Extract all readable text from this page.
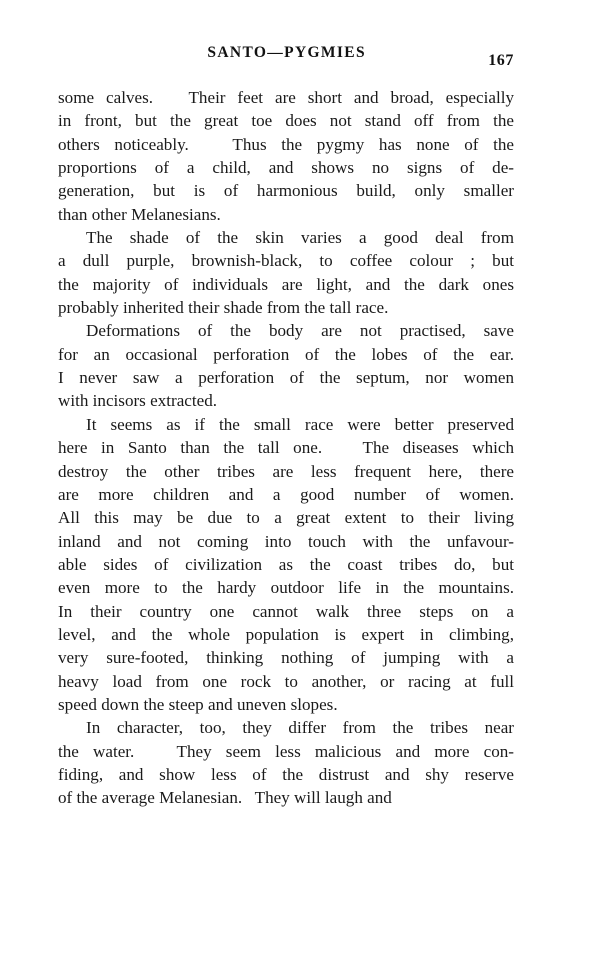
SANTO—PYGMIES	167

some calves.   Their feet are short and broad, especially
in front, but the great toe does not stand off from the
others noticeably.   Thus the pygmy has none of the
proportions of a child, and shows no signs of de-
generation, but is of harmonious build, only smaller
than other Melanesians.

The shade of the skin varies a good deal from
a dull purple, brownish-black, to coffee colour ; but
the majority of individuals are light, and the dark ones
probably inherited their shade from the tall race.

Deformations of the body are not practised, save
for an occasional perforation of the lobes of the ear.
I never saw a perforation of the septum, nor women
with incisors extracted.

It seems as if the small race were better preserved
here in Santo than the tall one.   The diseases which
destroy the other tribes are less frequent here, there
are more children and a good number of women.
All this may be due to a great extent to their living
inland and not coming into touch with the unfavour-
able sides of civilization as the coast tribes do, but
even more to the hardy outdoor life in the mountains.
In their country one cannot walk three steps on a
level, and the whole population is expert in climbing,
very sure-footed, thinking nothing of jumping with a
heavy load from one rock to another, or racing at full
speed down the steep and uneven slopes.

In character, too, they differ from the tribes near
the water.   They seem less malicious and more con-
fiding, and show less of the distrust and shy reserve
of the average Melanesian.   They will laugh and
